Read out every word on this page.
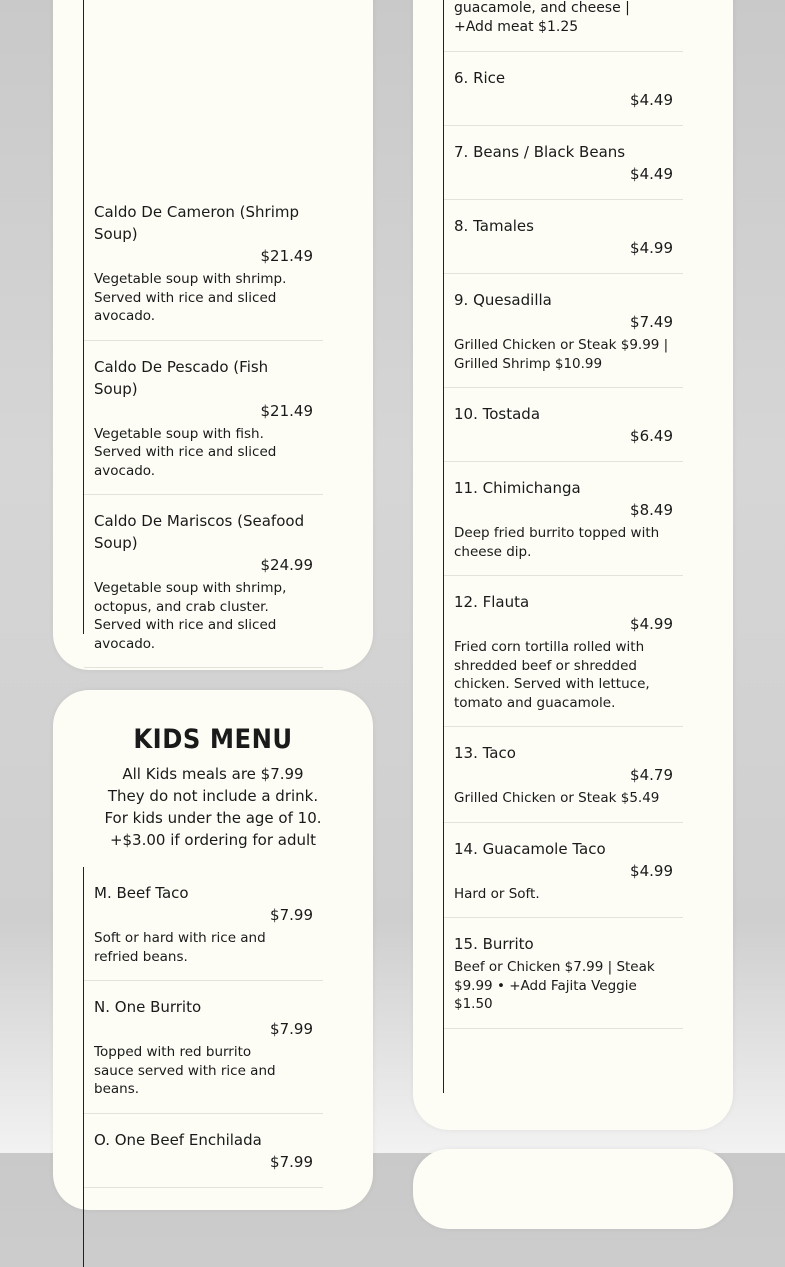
Caldo De Cameron (Shrimp Soup)
$21.49
Vegetable soup with shrimp. Served with rice and sliced avocado.
Caldo De Pescado (Fish Soup)
$21.49
Vegetable soup with fish. Served with rice and sliced avocado.
Caldo De Mariscos (Seafood Soup)
$24.99
Vegetable soup with shrimp, octopus, and crab cluster. Served with rice and sliced avocado.
KIDS MENU
All Kids meals are $7.99
They do not include a drink.
For kids under the age of 10.
+$3.00 if ordering for adult
M. Beef Taco
$7.99
Soft or hard with rice and refried beans.
N. One Burrito
$7.99
Topped with red burrito sauce served with rice and beans.
O. One Beef Enchilada
$7.99
guacamole, and cheese | +Add meat $1.25
6. Rice
$4.49
7. Beans / Black Beans
$4.49
8. Tamales
$4.99
9. Quesadilla
$7.49
Grilled Chicken or Steak $9.99 | Grilled Shrimp $10.99
10. Tostada
$6.49
11. Chimichanga
$8.49
Deep fried burrito topped with cheese dip.
12. Flauta
$4.99
Fried corn tortilla rolled with shredded beef or shredded chicken. Served with lettuce, tomato and guacamole.
13. Taco
$4.79
Grilled Chicken or Steak $5.49
14. Guacamole Taco
$4.99
Hard or Soft.
15. Burrito
Beef or Chicken $7.99 | Steak $9.99 • +Add Fajita Veggie $1.50
